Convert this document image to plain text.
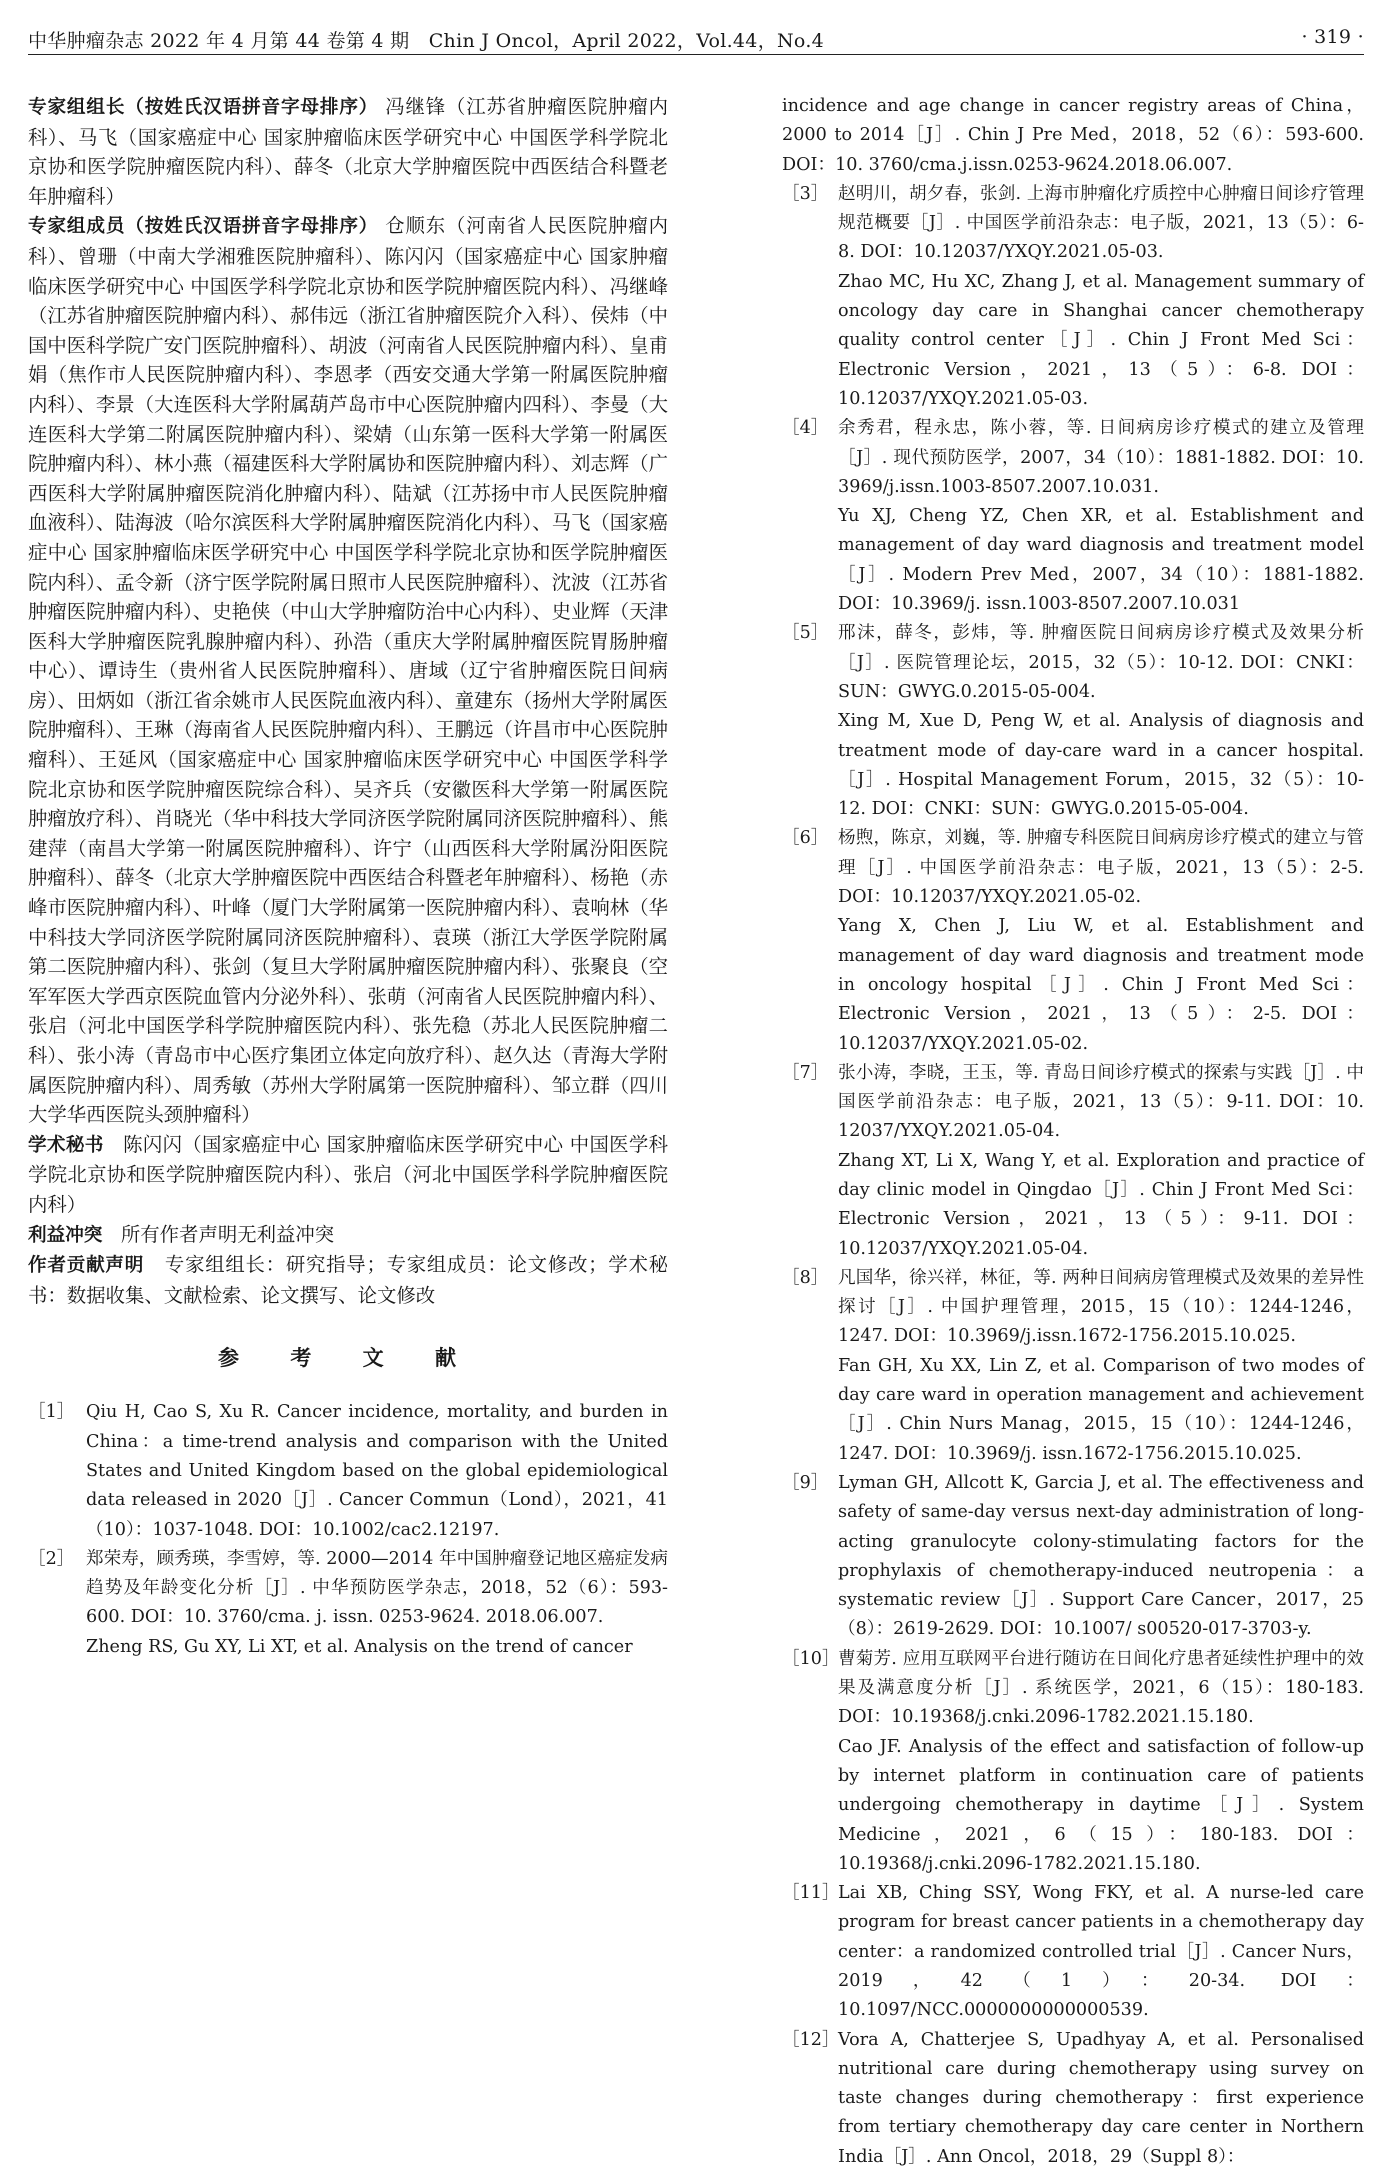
中华肿瘤杂志 2022 年 4 月第 44 卷第 4 期　Chin J Oncol，April 2022，Vol.44，No.4	· 319 ·

专家组组长（按姓氏汉语拼音字母排序） 冯继锋（江苏省肿瘤医院肿瘤内科）、马飞（国家癌症中心 国家肿瘤临床医学研究中心 中国医学科学院北京协和医学院肿瘤医院内科）、薛冬（北京大学肿瘤医院中西医结合科暨老年肿瘤科）

专家组成员（按姓氏汉语拼音字母排序） 仓顺东（河南省人民医院肿瘤内科）、曾珊（中南大学湘雅医院肿瘤科）、陈闪闪（国家癌症中心 国家肿瘤临床医学研究中心 中国医学科学院北京协和医学院肿瘤医院内科）、冯继峰（江苏省肿瘤医院肿瘤内科）、郝伟远（浙江省肿瘤医院介入科）、侯炜（中国中医科学院广安门医院肿瘤科）、胡波（河南省人民医院肿瘤内科）、皇甫娟（焦作市人民医院肿瘤内科）、李恩孝（西安交通大学第一附属医院肿瘤内科）、李景（大连医科大学附属葫芦岛市中心医院肿瘤内四科）、李曼（大连医科大学第二附属医院肿瘤内科）、梁婧（山东第一医科大学第一附属医院肿瘤内科）、林小燕（福建医科大学附属协和医院肿瘤内科）、刘志辉（广西医科大学附属肿瘤医院消化肿瘤内科）、陆斌（江苏扬中市人民医院肿瘤血液科）、陆海波（哈尔滨医科大学附属肿瘤医院消化内科）、马飞（国家癌症中心 国家肿瘤临床医学研究中心 中国医学科学院北京协和医学院肿瘤医院内科）、孟令新（济宁医学院附属日照市人民医院肿瘤科）、沈波（江苏省肿瘤医院肿瘤内科）、史艳侠（中山大学肿瘤防治中心内科）、史业辉（天津医科大学肿瘤医院乳腺肿瘤内科）、孙浩（重庆大学附属肿瘤医院胃肠肿瘤中心）、谭诗生（贵州省人民医院肿瘤科）、唐域（辽宁省肿瘤医院日间病房）、田炳如（浙江省余姚市人民医院血液内科）、童建东（扬州大学附属医院肿瘤科）、王琳（海南省人民医院肿瘤内科）、王鹏远（许昌市中心医院肿瘤科）、王延风（国家癌症中心 国家肿瘤临床医学研究中心 中国医学科学院北京协和医学院肿瘤医院综合科）、吴齐兵（安徽医科大学第一附属医院肿瘤放疗科）、肖晓光（华中科技大学同济医学院附属同济医院肿瘤科）、熊建萍（南昌大学第一附属医院肿瘤科）、许宁（山西医科大学附属汾阳医院肿瘤科）、薛冬（北京大学肿瘤医院中西医结合科暨老年肿瘤科）、杨艳（赤峰市医院肿瘤内科）、叶峰（厦门大学附属第一医院肿瘤内科）、袁响林（华中科技大学同济医学院附属同济医院肿瘤科）、袁瑛（浙江大学医学院附属第二医院肿瘤内科）、张剑（复旦大学附属肿瘤医院肿瘤内科）、张聚良（空军军医大学西京医院血管内分泌外科）、张萌（河南省人民医院肿瘤内科）、张启（河北中国医学科学院肿瘤医院内科）、张先稳（苏北人民医院肿瘤二科）、张小涛（青岛市中心医疗集团立体定向放疗科）、赵久达（青海大学附属医院肿瘤内科）、周秀敏（苏州大学附属第一医院肿瘤科）、邹立群（四川大学华西医院头颈肿瘤科）

学术秘书 陈闪闪（国家癌症中心 国家肿瘤临床医学研究中心 中国医学科学院北京协和医学院肿瘤医院内科）、张启（河北中国医学科学院肿瘤医院内科）

利益冲突 所有作者声明无利益冲突

作者贡献声明 专家组组长：研究指导；专家组成员：论文修改；学术秘书：数据收集、文献检索、论文撰写、论文修改

参 考 文 献
［1］ Qiu H, Cao S, Xu R. Cancer incidence, mortality, and burden in China：a time-trend analysis and comparison with the United States and United Kingdom based on the global epidemiological data released in 2020［J］. Cancer Commun（Lond），2021，41（10）：1037-1048. DOI：10.1002/cac2.12197.
［2］ 郑荣寿，顾秀瑛，李雪婷，等. 2000—2014 年中国肿瘤登记地区癌症发病趋势及年龄变化分析［J］. 中华预防医学杂志，2018，52（6）：593-600. DOI：10. 3760/cma. j. issn. 0253-9624. 2018.06.007.
Zheng RS, Gu XY, Li XT, et al. Analysis on the trend of cancer
incidence and age change in cancer registry areas of China，2000 to 2014［J］. Chin J Pre Med，2018，52（6）：593-600. DOI：10. 3760/cma.j.issn.0253-9624.2018.06.007.
［3］ 赵明川，胡夕春，张剑. 上海市肿瘤化疗质控中心肿瘤日间诊疗管理规范概要［J］. 中国医学前沿杂志：电子版，2021，13（5）：6-8. DOI：10.12037/YXQY.2021.05-03.
Zhao MC, Hu XC, Zhang J, et al. Management summary of oncology day care in Shanghai cancer chemotherapy quality control center［J］. Chin J Front Med Sci：Electronic Version，2021，13（5）：6-8. DOI：10.12037/YXQY.2021.05-03.
［4］ 余秀君，程永忠，陈小蓉，等. 日间病房诊疗模式的建立及管理［J］. 现代预防医学，2007，34（10）：1881-1882. DOI：10. 3969/j.issn.1003-8507.2007.10.031.
Yu XJ, Cheng YZ, Chen XR, et al. Establishment and management of day ward diagnosis and treatment model［J］. Modern Prev Med，2007，34（10）：1881-1882. DOI：10.3969/j. issn.1003-8507.2007.10.031
［5］ 邢沫，薛冬，彭炜，等. 肿瘤医院日间病房诊疗模式及效果分析［J］. 医院管理论坛，2015，32（5）：10-12. DOI：CNKI：SUN：GWYG.0.2015-05-004.
Xing M, Xue D, Peng W, et al. Analysis of diagnosis and treatment mode of day-care ward in a cancer hospital.［J］. Hospital Management Forum，2015，32（5）：10-12. DOI：CNKI：SUN：GWYG.0.2015-05-004.
［6］ 杨煦，陈京，刘巍，等. 肿瘤专科医院日间病房诊疗模式的建立与管理［J］. 中国医学前沿杂志：电子版，2021，13（5）：2-5. DOI：10.12037/YXQY.2021.05-02.
Yang X, Chen J, Liu W, et al. Establishment and management of day ward diagnosis and treatment mode in oncology hospital［J］. Chin J Front Med Sci：Electronic Version，2021，13（5）：2-5. DOI：10.12037/YXQY.2021.05-02.
［7］ 张小涛，李晓，王玉，等. 青岛日间诊疗模式的探索与实践［J］. 中国医学前沿杂志：电子版，2021，13（5）：9-11. DOI：10. 12037/YXQY.2021.05-04.
Zhang XT, Li X, Wang Y, et al. Exploration and practice of day clinic model in Qingdao［J］. Chin J Front Med Sci：Electronic Version，2021，13（5）：9-11. DOI：10.12037/YXQY.2021.05-04.
［8］ 凡国华，徐兴祥，林征，等. 两种日间病房管理模式及效果的差异性探讨［J］. 中国护理管理，2015，15（10）：1244-1246，1247. DOI：10.3969/j.issn.1672-1756.2015.10.025.
Fan GH, Xu XX, Lin Z, et al. Comparison of two modes of day care ward in operation management and achievement［J］. Chin Nurs Manag，2015，15（10）：1244-1246，1247. DOI：10.3969/j. issn.1672-1756.2015.10.025.
［9］ Lyman GH, Allcott K, Garcia J, et al. The effectiveness and safety of same-day versus next-day administration of long-acting granulocyte colony-stimulating factors for the prophylaxis of chemotherapy-induced neutropenia：a systematic review［J］. Support Care Cancer，2017，25（8）：2619-2629. DOI：10.1007/ s00520-017-3703-y.
［10］
曹菊芳. 应用互联网平台进行随访在日间化疗患者延续性护理中的效果及满意度分析［J］. 系统医学，2021，6（15）：180-183. DOI：10.19368/j.cnki.2096-1782.2021.15.180.
Cao JF. Analysis of the effect and satisfaction of follow-up by internet platform in continuation care of patients undergoing chemotherapy in daytime［J］. System Medicine，2021，6（15）：180-183. DOI：10.19368/j.cnki.2096-1782.2021.15.180.
［11］
Lai XB, Ching SSY, Wong FKY, et al. A nurse-led care program for breast cancer patients in a chemotherapy day center：a randomized controlled trial［J］. Cancer Nurs，2019，42（1）：20-34. DOI：10.1097/NCC.0000000000000539.
［12］
Vora A, Chatterjee S, Upadhyay A, et al. Personalised nutritional care during chemotherapy using survey on taste changes during chemotherapy：first experience from tertiary chemotherapy day care center in Northern India［J］. Ann Oncol，2018，29（Suppl 8）：
